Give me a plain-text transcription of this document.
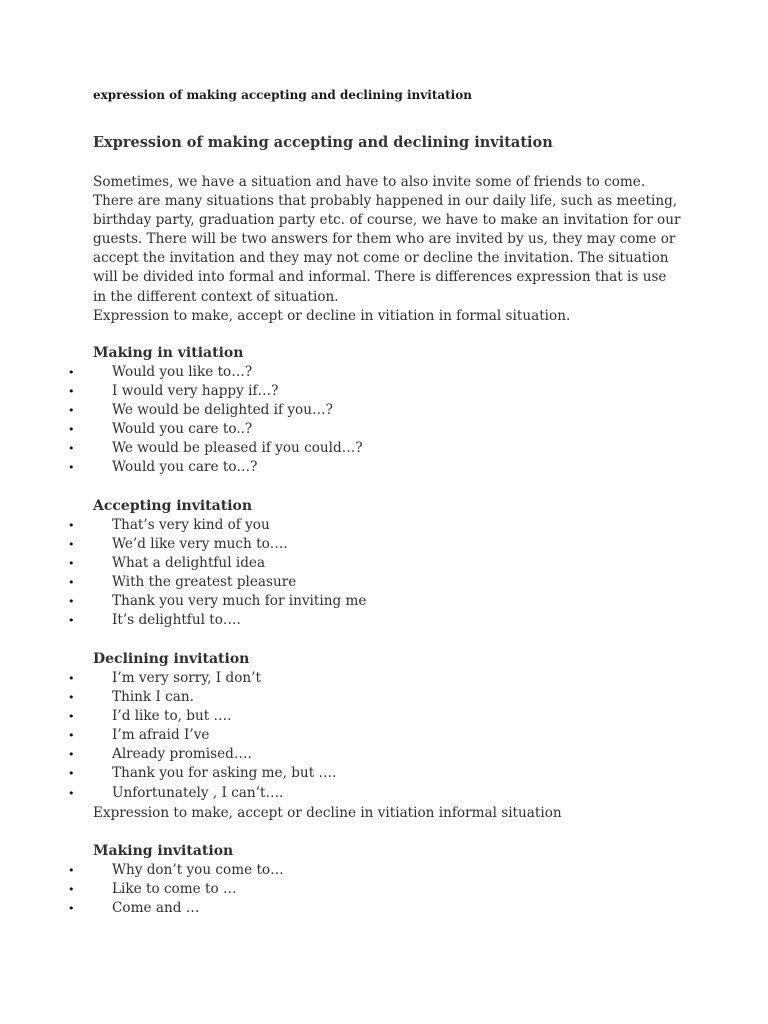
expression of making accepting and declining invitation

Expression of making accepting and declining invitation

Sometimes, we have a situation and have to also invite some of friends to come.
There are many situations that probably happened in our daily life, such as meeting,
birthday party, graduation party etc. of course, we have to make an invitation for our
guests. There will be two answers for them who are invited by us, they may come or
accept the invitation and they may not come or decline the invitation. The situation
will be divided into formal and informal. There is differences expression that is use
in the different context of situation.
Expression to make, accept or decline in vitiation in formal situation.

Making in vitiation

•	Would you like to…?
•	I would very happy if…?
•	We would be delighted if you…?
•	Would you care to..?
•	We would be pleased if you could…?
•	Would you care to…?

Accepting invitation

•	That’s very kind of you
•	We’d like very much to….
•	What a delightful idea
•	With the greatest pleasure
•	Thank you very much for inviting me
•	It’s delightful to….

Declining invitation

•	I’m very sorry, I don’t
•	Think I can.
•	I’d like to, but ….
•	I’m afraid I’ve
•	Already promised….
•	Thank you for asking me, but ….
•	Unfortunately , I can’t….

Expression to make, accept or decline in vitiation informal situation

Making invitation

•	Why don’t you come to…
•	Like to come to …
•	Come and …
